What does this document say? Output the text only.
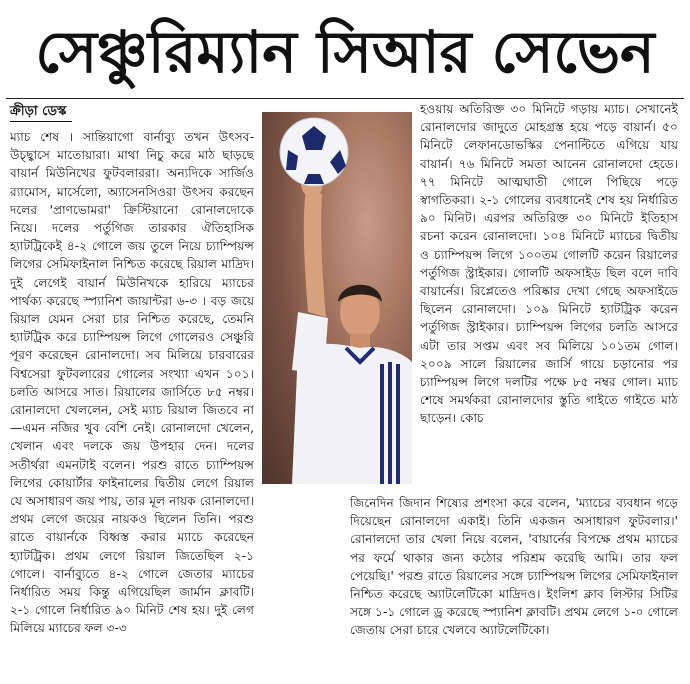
সেঞ্চুরিম্যান সিআর সেভেন
ক্রীড়া ডেস্ক

ম্যাচ শেষ । সান্তিয়াগো বার্নাব্যু তখন উৎসব-উচ্ছ্বাসে মাতোয়ারা। মাথা নিচু করে মাঠ ছাড়ছে বায়ার্ন মিউনিখের ফুটবলাররা। অন্যদিকে সার্জিও র‍্যামোস, মার্সেলো, অ্যাসেনসিওরা উৎসব করছেন দলের 'প্রাণভোমরা' ক্রিস্টিয়ানো রোনালদোকে নিয়ে। দলের পর্তুগিজ তারকার ঐতিহাসিক হ্যাটট্রিকেই ৪-২ গোলে জয় তুলে নিয়ে চ্যাম্পিয়ন্স লিগের সেমিফাইনাল নিশ্চিত করেছে রিয়াল মাদ্রিদ। দুই লেগেই বায়ার্ন মিউনিখকে হারিয়ে ম্যাচের পার্থক্য করেছে স্প্যানিশ জায়ান্টরা ৬-৩ । বড় জয়ে রিয়াল যেমন সেরা চার নিশ্চিত করেছে, তেমনি হ্যাটট্রিক করে চ্যাম্পিয়ন্স লিগে গোলেরও সেঞ্চুরি পূরণ করেছেন রোনালদো। সব মিলিয়ে চারবারের বিশ্বসেরা ফুটবলারের গোলের সংখ্যা এখন ১০১। চলতি আসরে সাত। রিয়ালের জার্সিতে ৮৫ নম্বর। রোনালদো খেললেন, সেই ম্যাচ রিয়াল জিতবে না—এমন নজির খুব বেশি নেই। রোনালদো খেলেন, খেলান এবং দলকে জয় উপহার দেন। দলের সতীর্থরা এমনটাই বলেন। পরশু রাতে চ্যাম্পিয়ন্স লিগের কোয়ার্টার ফাইনালের দ্বিতীয় লেগে রিয়াল যে অসাধারণ জয় পায়, তার মূল নায়ক রোনালদো। প্রথম লেগে জয়ের নায়কও ছিলেন তিনি। পরশু রাতে বায়ার্নকে বিধ্বস্ত করার ম্যাচে করেছেন হ্যাটট্রিক। প্রথম লেগে রিয়াল জিতেছিল ২-১ গোলে। বার্নাব্যুতে ৪-২ গোলে জেতার ম্যাচের নির্ধারিত সময় কিন্তু এগিয়েছিল জার্মান ক্লাবটি। ২-১ গোলে নির্ধারিত ৯০ মিনিট শেষ হয়। দুই লেগ মিলিয়ে ম্যাচের ফল ৩-৩

হওয়ায় অতিরিক্ত ৩০ মিনিটে গড়ায় ম্যাচ। সেখানেই রোনালদোর জাদুতে মোহগ্রস্ত হয়ে পড়ে বায়ার্ন। ৫০ মিনিটে লেফানডোভস্কির পেনাল্টিতে এগিয়ে যায় বায়ার্ন। ৭৬ মিনিটে সমতা আনেন রোনালদো হেডে। ৭৭ মিনিটে আত্মঘাতী গোলে পিছিয়ে পড়ে স্বাগতিকরা। ২-১ গোলের ব্যবধানেই শেষ হয় নির্ধারিত ৯০ মিনিট। এরপর অতিরিক্ত ৩০ মিনিটে ইতিহাস রচনা করেন রোনালদো। ১০৪ মিনিটে ম্যাচের দ্বিতীয় ও চ্যাম্পিয়ন্স লিগে ১০০তম গোলটি করেন রিয়ালের পর্তুগিজ স্ট্রাইকার। গোলটি অফসাইড ছিল বলে দাবি বায়ার্নের। রিপ্লেতেও পরিষ্কার দেখা গেছে অফসাইডে ছিলেন রোনালদো। ১০৯ মিনিটে হ্যাটট্রিক করেন পর্তুগিজ স্ট্রাইকার। চ্যাম্পিয়ন্স লিগের চলতি আসরে এটা তার সপ্তম এবং সব মিলিয়ে ১০১তম গোল। ২০০৯ সালে রিয়ালের জার্সি গায়ে চড়ানোর পর চ্যাম্পিয়ন্স লিগে দলটির পক্ষে ৮৫ নম্বর গোল। ম্যাচ শেষে সমর্থকরা রোনালদোর স্তুতি গাইতে গাইতে মাঠ ছাড়েন। কোচ

জিনেদিন জিদান শিষ্যের প্রশংসা করে বলেন, 'ম্যাচের ব্যবধান গড়ে দিয়েছেন রোনালদো একাই। তিনি একজন অসাধারণ ফুটবলার।' রোনালদো তার খেলা নিয়ে বলেন, 'বায়ার্নের বিপক্ষে প্রথম ম্যাচের পর ফর্মে থাকার জন্য কঠোর পরিশ্রম করেছি আমি। তার ফল পেয়েছি।' পরশু রাতে রিয়ালের সঙ্গে চ্যাম্পিয়ন্স লিগের সেমিফাইনাল নিশ্চিত করেছে অ্যাটলেটিকো মাদ্রিদও। ইংলিশ ক্লাব লিস্টার সিটির সঙ্গে ১-১ গোলে ড্র করেছে স্প্যানিশ ক্লাবটি। প্রথম লেগে ১-০ গোলে জেতায় সেরা চারে খেলবে অ্যাটলেটিকো।
